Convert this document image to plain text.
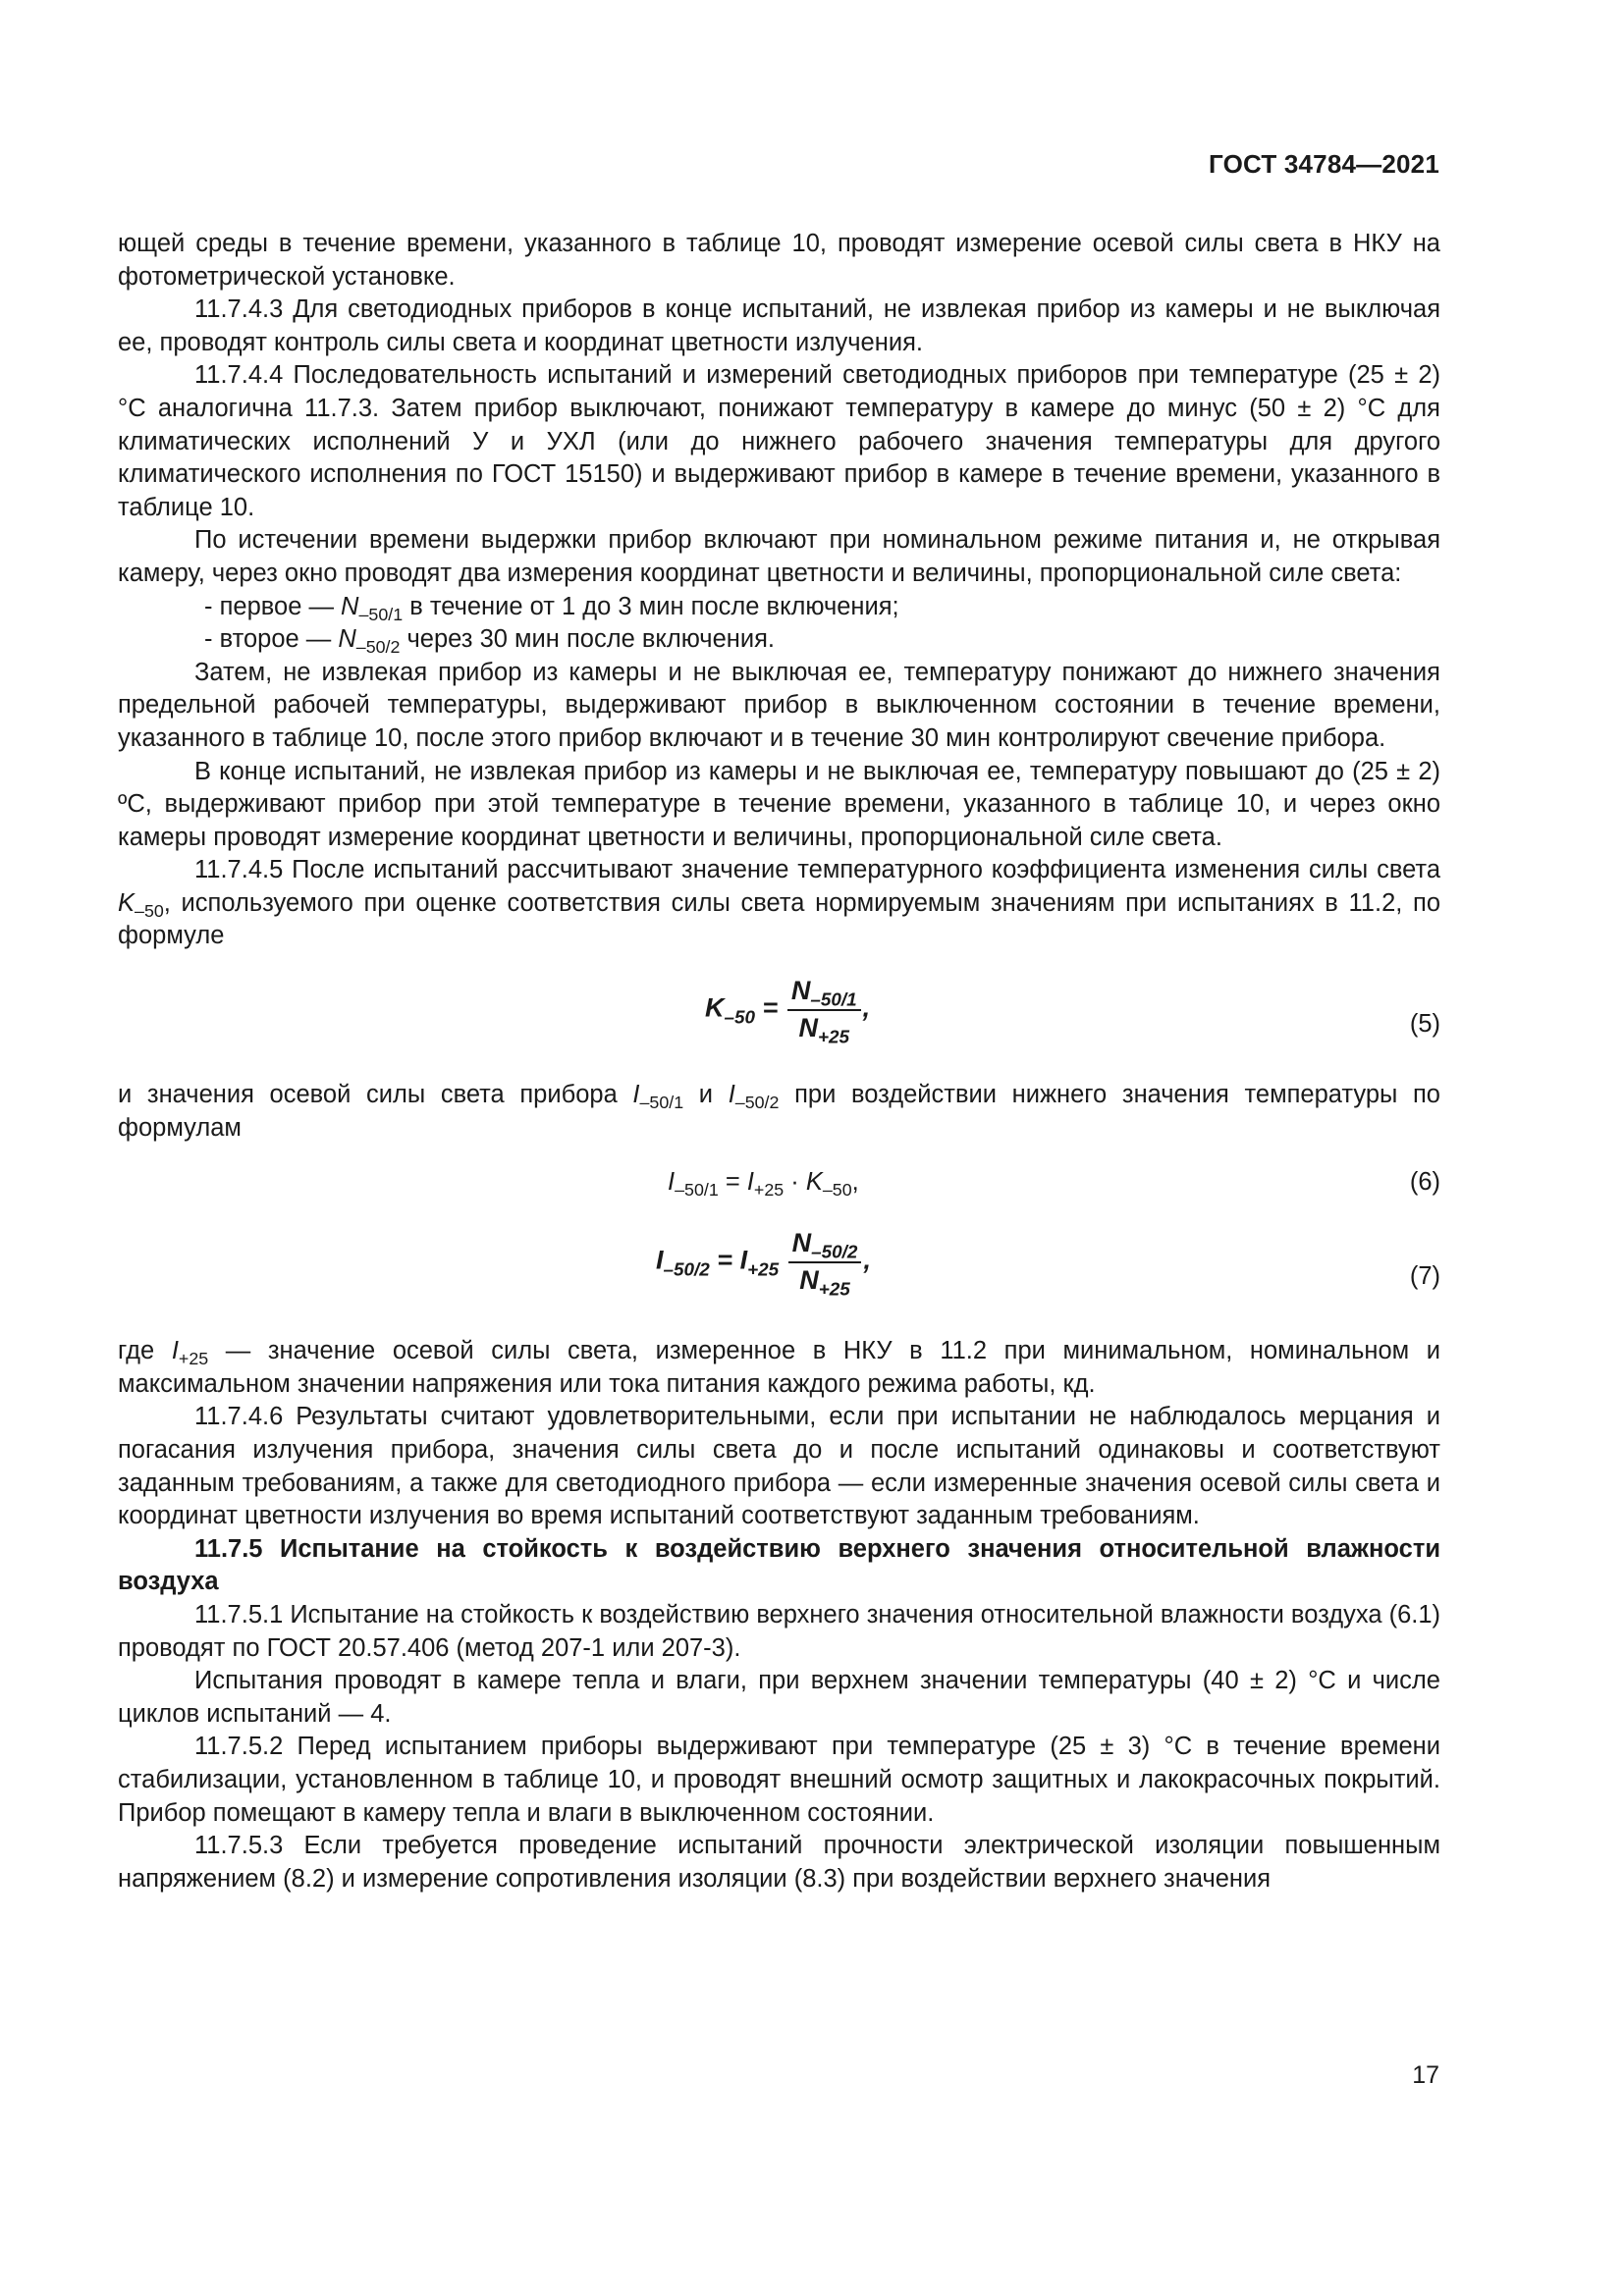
ГОСТ 34784—2021

ющей среды в течение времени, указанного в таблице 10, проводят измерение осевой силы света в НКУ на фотометрической установке.

11.7.4.3 Для светодиодных приборов в конце испытаний, не извлекая прибор из камеры и не выключая ее, проводят контроль силы света и координат цветности излучения.

11.7.4.4 Последовательность испытаний и измерений светодиодных приборов при температуре (25 ± 2) °С аналогична 11.7.3. Затем прибор выключают, понижают температуру в камере до минус (50 ± 2) °С для климатических исполнений У и УХЛ (или до нижнего рабочего значения температуры для другого климатического исполнения по ГОСТ 15150) и выдерживают прибор в камере в течение времени, указанного в таблице 10.

По истечении времени выдержки прибор включают при номинальном режиме питания и, не открывая камеру, через окно проводят два измерения координат цветности и величины, пропорциональной силе света:

- первое — $N_{-50/1}$ в течение от 1 до 3 мин после включения;

- второе — $N_{-50/2}$ через 30 мин после включения.

Затем, не извлекая прибор из камеры и не выключая ее, температуру понижают до нижнего значения предельной рабочей температуры, выдерживают прибор в выключенном состоянии в течение времени, указанного в таблице 10, после этого прибор включают и в течение 30 мин контролируют свечение прибора.

В конце испытаний, не извлекая прибор из камеры и не выключая ее, температуру повышают до (25 ± 2) ºС, выдерживают прибор при этой температуре в течение времени, указанного в таблице 10, и через окно камеры проводят измерение координат цветности и величины, пропорциональной силе света.

11.7.4.5 После испытаний рассчитывают значение температурного коэффициента изменения силы света $K_{-50}$, используемого при оценке соответствия силы света нормируемым значениям при испытаниях в 11.2, по формуле

$K_{-50} = \frac{N_{-50/1}}{N_{+25}}$ ,
(5)

и значения осевой силы света прибора $I_{-50/1}$ и $I_{-50/2}$ при воздействии нижнего значения температуры по формулам

$I_{-50/1} = I_{+25} \cdot K_{-50}$,	(6)
$I_{-50/2} = I_{+25} \frac{N_{-50/2}}{N_{+25}}$ ,
(7)

где $I_{+25}$ — значение осевой силы света, измеренное в НКУ в 11.2 при минимальном, номинальном и максимальном значении напряжения или тока питания каждого режима работы, кд.

11.7.4.6 Результаты считают удовлетворительными, если при испытании не наблюдалось мерцания и погасания излучения прибора, значения силы света до и после испытаний одинаковы и соответствуют заданным требованиям, а также для светодиодного прибора — если измеренные значения осевой силы света и координат цветности излучения во время испытаний соответствуют заданным требованиям.

11.7.5 Испытание на стойкость к воздействию верхнего значения относительной влажности воздуха

11.7.5.1 Испытание на стойкость к воздействию верхнего значения относительной влажности воздуха (6.1) проводят по ГОСТ 20.57.406 (метод 207-1 или 207-3).

Испытания проводят в камере тепла и влаги, при верхнем значении температуры (40 ± 2) °С и числе циклов испытаний — 4.

11.7.5.2 Перед испытанием приборы выдерживают при температуре (25 ± 3) °С в течение времени стабилизации, установленном в таблице 10, и проводят внешний осмотр защитных и лакокрасочных покрытий. Прибор помещают в камеру тепла и влаги в выключенном состоянии.

11.7.5.3 Если требуется проведение испытаний прочности электрической изоляции повышенным напряжением (8.2) и измерение сопротивления изоляции (8.3) при воздействии верхнего значения

17
